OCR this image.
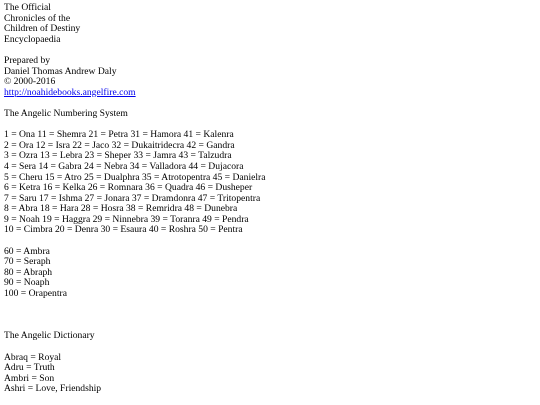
The Official
Chronicles of the
Children of Destiny
Encyclopaedia
Prepared by
Daniel Thomas Andrew Daly
© 2000-2016
http://noahidebooks.angelfire.com
The Angelic Numbering System
1 = Ona 11 = Shemra 21 = Petra 31 = Hamora 41 = Kalenra
2 = Ora 12 = Isra 22 = Jaco 32 = Dukaitridecra 42 = Gandra
3 = Ozra 13 = Lebra 23 = Sheper 33 = Jamra 43 = Talzudra
4 = Sera 14 = Gabra 24 = Nebra 34 = Valladora 44 = Dujacora
5 = Cheru 15 = Atro 25 = Dualphra 35 = Atrotopentra 45 = Danielra
6 = Ketra 16 = Kelka 26 = Romnara 36 = Quadra 46 = Dusheper
7 = Saru 17 = Ishma 27 = Jonara 37 = Dramdonra 47 = Tritopentra
8 = Abra 18 = Hara 28 = Hosra 38 = Remridra 48 = Dunebra
9 = Noah 19 = Haggra 29 = Ninnebra 39 = Toranra 49 = Pendra
10 = Cimbra 20 = Denra 30 = Esaura 40 = Roshra 50 = Pentra
60 = Ambra
70 = Seraph
80 = Abraph
90 = Noaph
100 = Orapentra
The Angelic Dictionary
Abraq = Royal
Adru = Truth
Ambri = Son
Ashri = Love, Friendship
